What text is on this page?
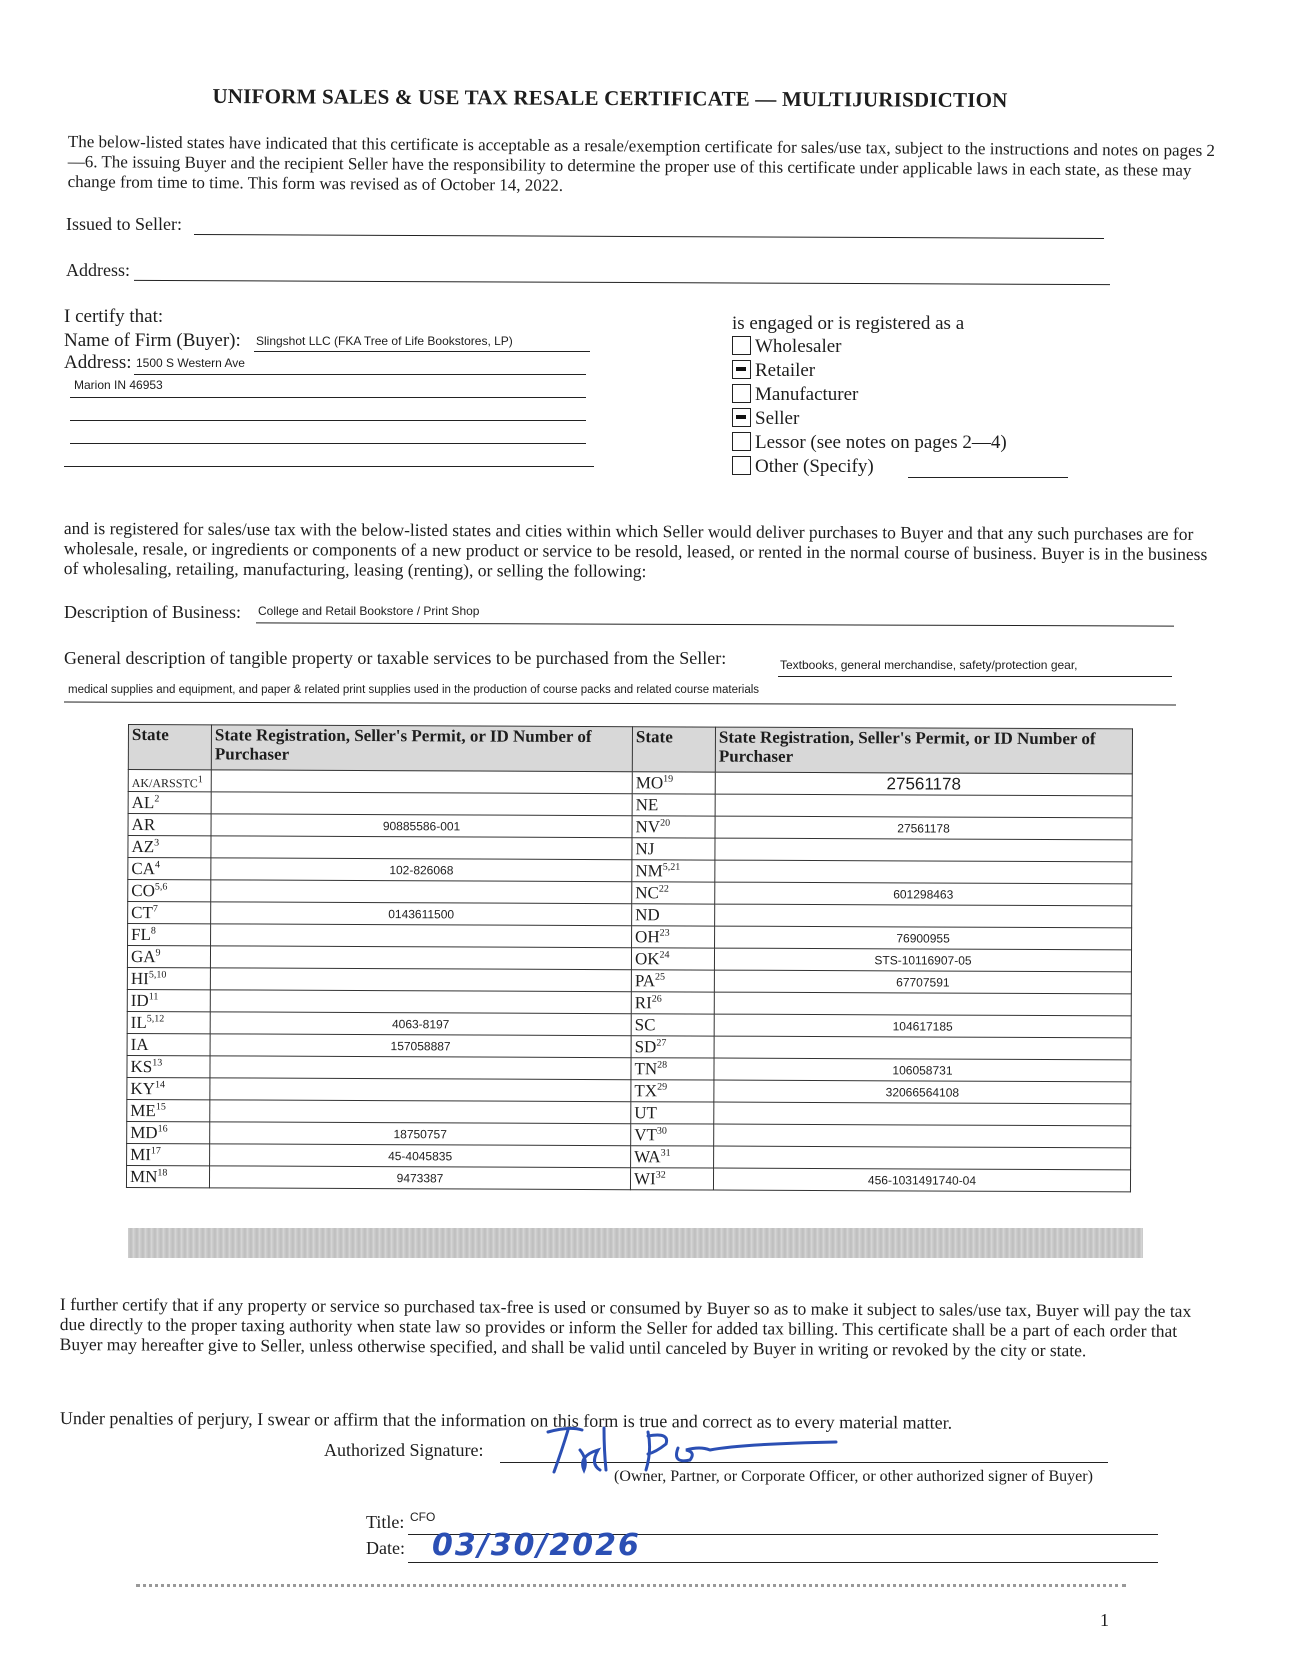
UNIFORM SALES & USE TAX RESALE CERTIFICATE — MULTIJURISDICTION
The below-listed states have indicated that this certificate is acceptable as a resale/exemption certificate for sales/use tax, subject to the instructions and notes on pages 2—6. The issuing Buyer and the recipient Seller have the responsibility to determine the proper use of this certificate under applicable laws in each state, as these may change from time to time. This form was revised as of October 14, 2022.
Issued to Seller:
Address:
I certify that:
Name of Firm (Buyer): Slingshot LLC (FKA Tree of Life Bookstores, LP)
Address: 1500 S Western Ave
Marion IN 46953
is engaged or is registered as a
Wholesaler
Retailer
Manufacturer
Seller
Lessor (see notes on pages 2—4)
Other (Specify)
and is registered for sales/use tax with the below-listed states and cities within which Seller would deliver purchases to Buyer and that any such purchases are for wholesale, resale, or ingredients or components of a new product or service to be resold, leased, or rented in the normal course of business. Buyer is in the business of wholesaling, retailing, manufacturing, leasing (renting), or selling the following:
Description of Business: College and Retail Bookstore / Print Shop
General description of tangible property or taxable services to be purchased from the Seller:	Textbooks, general merchandise, safety/protection gear,
medical supplies and equipment, and paper & related print supplies used in the production of course packs and related course materials
State	State Registration, Seller's Permit, or ID Number of Purchaser	State	State Registration, Seller's Permit, or ID Number of Purchaser
AK/ARSSTC$^1$		MO$^{19}$	27561178
$AL^2$		NE	
AR	90885586-001	NV$^{20}$	27561178
$AZ^3$		NJ	
$CA^4$	102-826068	NM$^{5,21}$	
CO$^{5,6}$		NC$^{22}$	601298463
$CT^7$	0143611500	ND	
$FL^8$		OH$^{23}$	76900955
$GA^9$		OK$^{24}$	STS-10116907-05
HI$^{5,10}$		PA$^{25}$	67707591
ID$^{11}$		RI$^{26}$	
IL$^{5,12}$	4063-8197	SC	104617185
IA	157058887	SD$^{27}$	
KS$^{13}$		TN$^{28}$	106058731
KY$^{14}$		TX$^{29}$	32066564108
ME$^{15}$		UT	
MD$^{16}$	18750757	VT$^{30}$	
MI$^{17}$	45-4045835	WA$^{31}$	
MN$^{18}$	9473387	WI$^{32}$	456-1031491740-04
I further certify that if any property or service so purchased tax-free is used or consumed by Buyer so as to make it subject to sales/use tax, Buyer will pay the tax due directly to the proper taxing authority when state law so provides or inform the Seller for added tax billing. This certificate shall be a part of each order that Buyer may hereafter give to Seller, unless otherwise specified, and shall be valid until canceled by Buyer in writing or revoked by the city or state.
Under penalties of perjury, I swear or affirm that the information on this form is true and correct as to every material matter.
Authorized Signature:
(Owner, Partner, or Corporate Officer, or other authorized signer of Buyer)
Title: CFO
Date: 03/30/2026
1
